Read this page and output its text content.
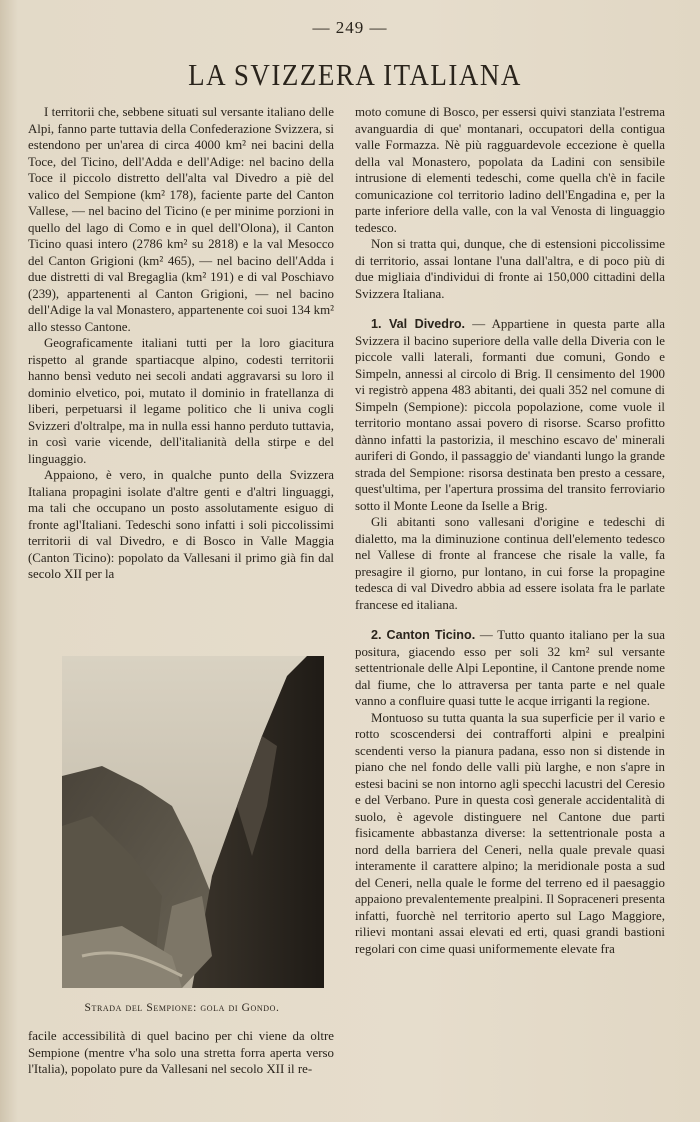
— 249 —
LA SVIZZERA ITALIANA

I territorii che, sebbene situati sul versante italiano delle Alpi, fanno parte tuttavia della Confederazione Svizzera, si estendono per un'area di circa 4000 km² nei bacini della Toce, del Ticino, dell'Adda e dell'Adige: nel bacino della Toce il piccolo distretto dell'alta val Divedro a piè del valico del Sempione (km² 178), faciente parte del Canton Vallese, — nel bacino del Ticino (e per minime porzioni in quello del lago di Como e in quel dell'Olona), il Canton Ticino quasi intero (2786 km² su 2818) e la val Mesocco del Canton Grigioni (km² 465), — nel bacino dell'Adda i due distretti di val Bregaglia (km² 191) e di val Poschiavo (239), appartenenti al Canton Grigioni, — nel bacino dell'Adige la val Monastero, appartenente coi suoi 134 km² allo stesso Cantone.

Geograficamente italiani tutti per la loro giacitura rispetto al grande spartiacque alpino, codesti territorii hanno bensì veduto nei secoli andati aggravarsi su loro il dominio elvetico, poi, mutato il dominio in fratellanza di liberi, perpetuarsi il legame politico che li univa cogli Svizzeri d'oltralpe, ma in nulla essi hanno perduto tuttavia, in così varie vicende, dell'italianità della stirpe e del linguaggio.

Appaiono, è vero, in qualche punto della Svizzera Italiana propagini isolate d'altre genti e d'altri linguaggi, ma tali che occupano un posto assolutamente esiguo di fronte agl'Italiani. Tedeschi sono infatti i soli piccolissimi territorii di val Divedro, e di Bosco in Valle Maggia (Canton Ticino): popolato da Vallesani il primo già fin dal secolo XII per la

Strada del Sempione: gola di Gondo.

facile accessibilità di quel bacino per chi viene da oltre Sempione (mentre v'ha solo una stretta forra aperta verso l'Italia), popolato pure da Vallesani nel secolo XII il re-

moto comune di Bosco, per essersi quivi stanziata l'estrema avanguardia di que' montanari, occupatori della contigua valle Formazza. Nè più ragguardevole eccezione è quella della val Monastero, popolata da Ladini con sensibile intrusione di elementi tedeschi, come quella ch'è in facile comunicazione col territorio ladino dell'Engadina e, per la parte inferiore della valle, con la val Venosta di linguaggio tedesco.

Non si tratta qui, dunque, che di estensioni piccolissime di territorio, assai lontane l'una dall'altra, e di poco più di due migliaia d'individui di fronte ai 150,000 cittadini della Svizzera Italiana.

1. Val Divedro. — Appartiene in questa parte alla Svizzera il bacino superiore della valle della Diveria con le piccole valli laterali, formanti due comuni, Gondo e Simpeln, annessi al circolo di Brig. Il censimento del 1900 vi registrò appena 483 abitanti, dei quali 352 nel comune di Simpeln (Sempione): piccola popolazione, come vuole il territorio montano assai povero di risorse. Scarso profitto dànno infatti la pastorizia, il meschino escavo de' minerali auriferi di Gondo, il passaggio de' viandanti lungo la grande strada del Sempione: risorsa destinata ben presto a cessare, quest'ultima, per l'apertura prossima del transito ferroviario sotto il Monte Leone da Iselle a Brig.

Gli abitanti sono vallesani d'origine e tedeschi di dialetto, ma la diminuzione continua dell'elemento tedesco nel Vallese di fronte al francese che risale la valle, fa presagire il giorno, pur lontano, in cui forse la propagine tedesca di val Divedro abbia ad essere isolata fra le parlate francese ed italiana.

2. Canton Ticino. — Tutto quanto italiano per la sua positura, giacendo esso per soli 32 km² sul versante settentrionale delle Alpi Lepontine, il Cantone prende nome dal fiume, che lo attraversa per tanta parte e nel quale vanno a confluire quasi tutte le acque irriganti la regione.

Montuoso su tutta quanta la sua superficie per il vario e rotto scoscendersi dei contrafforti alpini e prealpini scendenti verso la pianura padana, esso non si distende in piano che nel fondo delle valli più larghe, e non s'apre in estesi bacini se non intorno agli specchi lacustri del Ceresio e del Verbano. Pure in questa così generale accidentalità di suolo, è agevole distinguere nel Cantone due parti fisicamente abbastanza diverse: la settentrionale posta a nord della barriera del Ceneri, nella quale prevale quasi interamente il carattere alpino; la meridionale posta a sud del Ceneri, nella quale le forme del terreno ed il paesaggio appaiono prevalentemente prealpini. Il Sopraceneri presenta infatti, fuorchè nel territorio aperto sul Lago Maggiore, rilievi montani assai elevati ed erti, quasi grandi bastioni regolari con cime quasi uniformemente elevate fra
